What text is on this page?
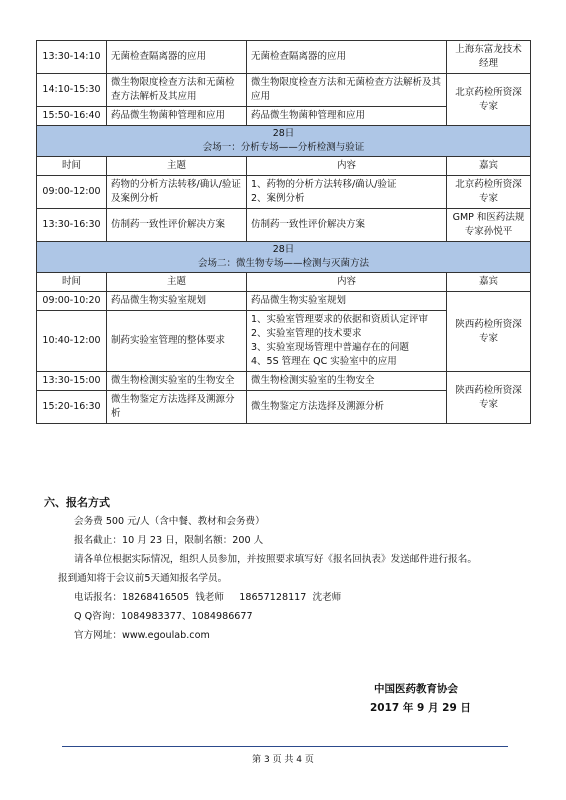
13:30-14:10	无菌检查隔离器的应用	无菌检查隔离器的应用	上海东富龙技术经理
14:10-15:30	微生物限度检查方法和无菌检查方法解析及其应用	微生物限度检查方法和无菌检查方法解析及其应用	北京药检所资深专家
15:50-16:40	药品微生物菌种管理和应用	药品微生物菌种管理和应用	

28日
会场一：分析专场——分析检测与验证			

时间	主题	内容	嘉宾
09:00-12:00	药物的分析方法转移/确认/验证及案例分析	1、药物的分析方法转移/确认/验证
2、案例分析	北京药检所资深专家
13:30-16:30	仿制药一致性评价解决方案	仿制药一致性评价解决方案	GMP 和医药法规专家孙悦平

28日
会场二：微生物专场——检测与灭菌方法			

时间	主题	内容	嘉宾
09:00-10:20	药品微生物实验室规划	药品微生物实验室规划	陕西药检所资深专家
10:40-12:00	制药实验室管理的整体要求	1、实验室管理要求的依据和资质认定评审
2、实验室管理的技术要求
3、实验室现场管理中普遍存在的问题
4、5S 管理在 QC 实验室中的应用	

13:30-15:00	微生物检测实验室的生物安全	微生物检测实验室的生物安全	陕西药检所资深专家
15:20-16:30	微生物鉴定方法选择及溯源分析	微生物鉴定方法选择及溯源分析	
六、报名方式
会务费 500 元/人（含中餐、教材和会务费）
报名截止：10 月 23 日，限制名额：200 人
请各单位根据实际情况，组织人员参加，并按照要求填写好《报名回执表》发送邮件进行报名。
报到通知将于会议前5天通知报名学员。
电话报名：18268416505  钱老师     18657128117  沈老师
Q Q咨询：1084983377、1084986677
官方网址：www.egoulab.com
中国医药教育协会
2017 年 9 月 29 日
第 3 页 共 4 页
